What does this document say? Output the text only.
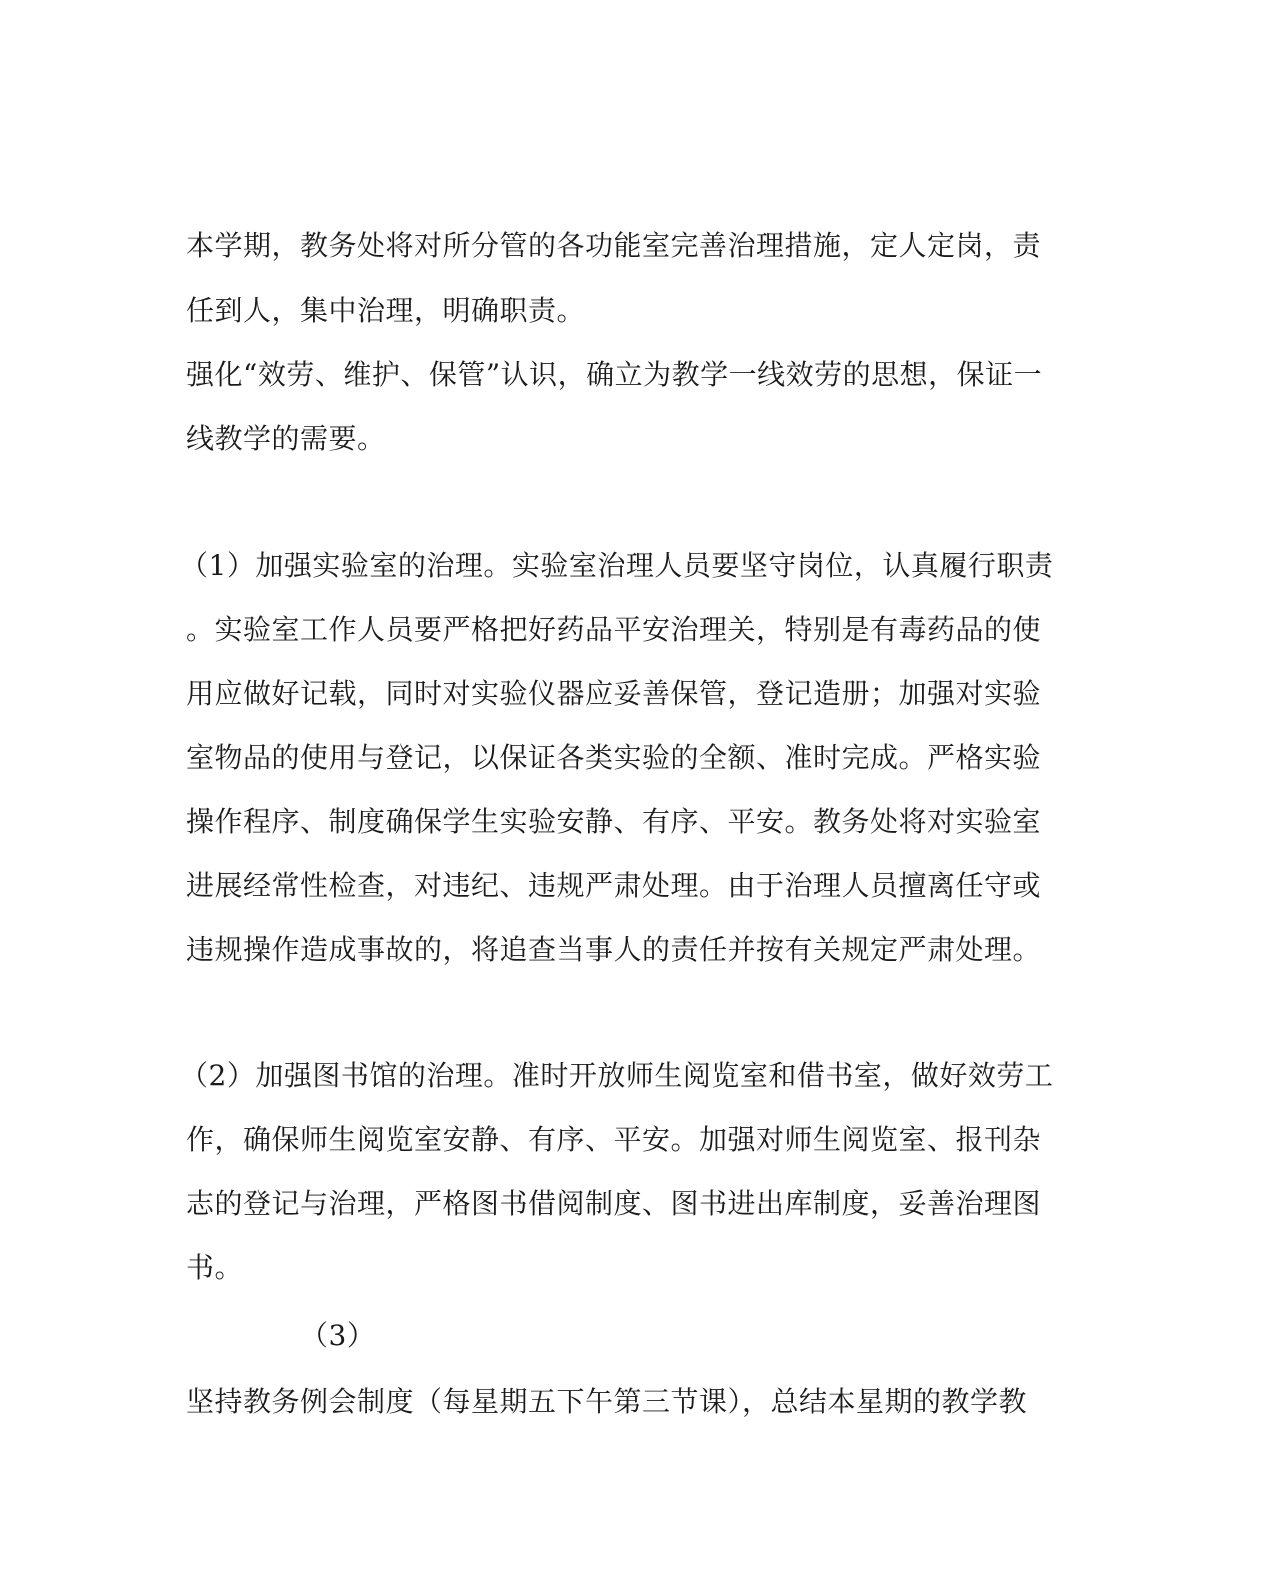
本学期，教务处将对所分管的各功能室完善治理措施，定人定岗，责
任到人，集中治理，明确职责。
强化“效劳、维护、保管”认识，确立为教学一线效劳的思想，保证一
线教学的需要。
（1）加强实验室的治理。实验室治理人员要坚守岗位，认真履行职责
。实验室工作人员要严格把好药品平安治理关，特别是有毒药品的使
用应做好记载，同时对实验仪器应妥善保管，登记造册；加强对实验
室物品的使用与登记，以保证各类实验的全额、准时完成。严格实验
操作程序、制度确保学生实验安静、有序、平安。教务处将对实验室
进展经常性检查，对违纪、违规严肃处理。由于治理人员擅离任守或
违规操作造成事故的，将追查当事人的责任并按有关规定严肃处理。
（2）加强图书馆的治理。准时开放师生阅览室和借书室，做好效劳工
作，确保师生阅览室安静、有序、平安。加强对师生阅览室、报刊杂
志的登记与治理，严格图书借阅制度、图书进出库制度，妥善治理图
书。
（3）
坚持教务例会制度（每星期五下午第三节课），总结本星期的教学教
